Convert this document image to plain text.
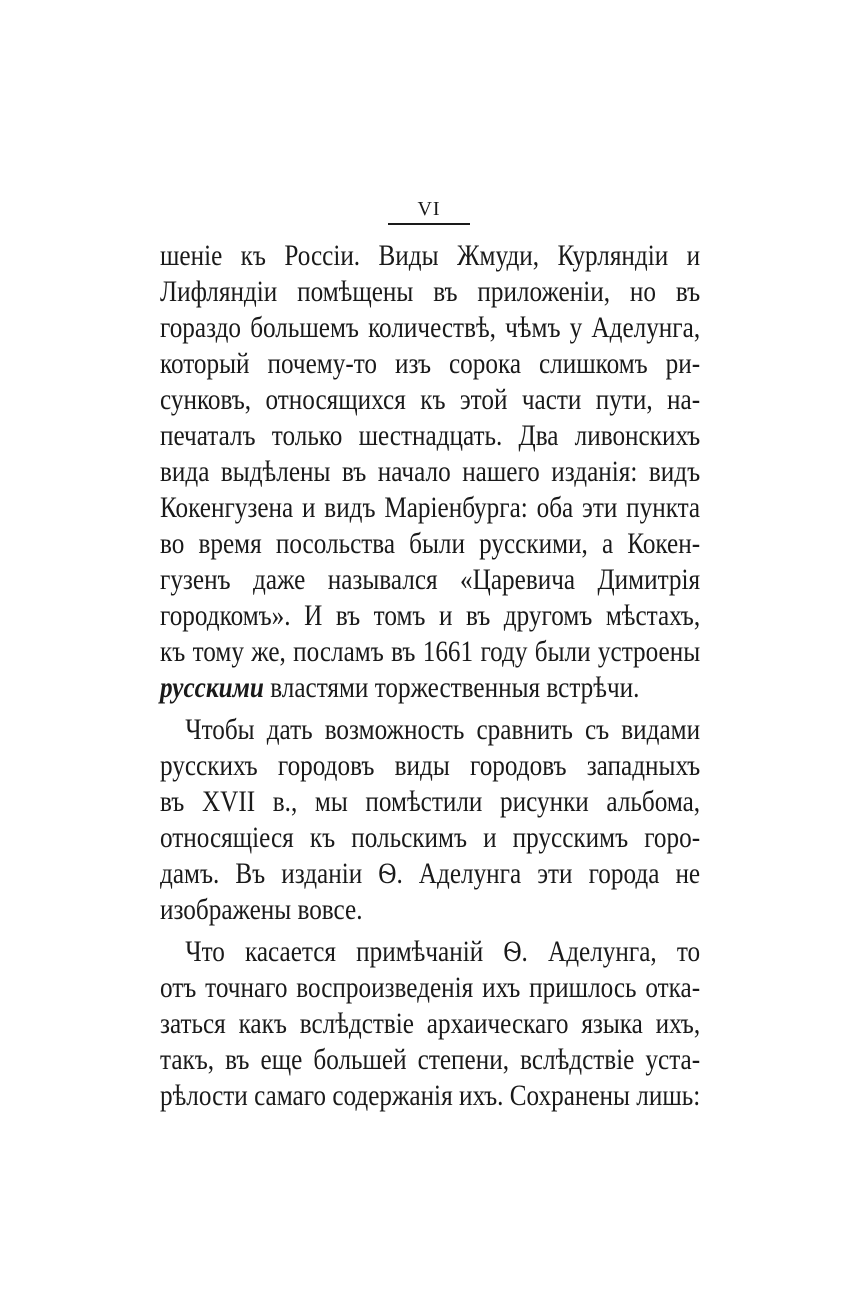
VI
шеніе къ Россіи. Виды Жмуди, Курляндіи и
Лифляндіи помѣщены въ приложеніи, но въ
гораздо большемъ количествѣ, чѣмъ у Аделунга,
который почему-то изъ сорока слишкомъ ри-
сунковъ, относящихся къ этой части пути, на-
печаталъ только шестнадцать. Два ливонскихъ
вида выдѣлены въ начало нашего изданія: видъ
Кокенгузена и видъ Маріенбурга: оба эти пункта
во время посольства были русскими, а Кокен-
гузенъ даже назывался «Царевича Димитрія
городкомъ». И въ томъ и въ другомъ мѣстахъ,
къ тому же, посламъ въ 1661 году были устроены
русскими властями торжественныя встрѣчи.
Чтобы дать возможность сравнить съ видами
русскихъ городовъ виды городовъ западныхъ
въ XVII в., мы помѣстили рисунки альбома,
относящіеся къ польскимъ и прусскимъ горо-
дамъ. Въ изданіи Ѳ. Аделунга эти города не
изображены вовсе.
Что касается примѣчаній Ѳ. Аделунга, то
отъ точнаго воспроизведенія ихъ пришлось отка-
заться какъ вслѣдствіе архаическаго языка ихъ,
такъ, въ еще большей степени, вслѣдствіе уста-
рѣлости самаго содержанія ихъ. Сохранены лишь:
